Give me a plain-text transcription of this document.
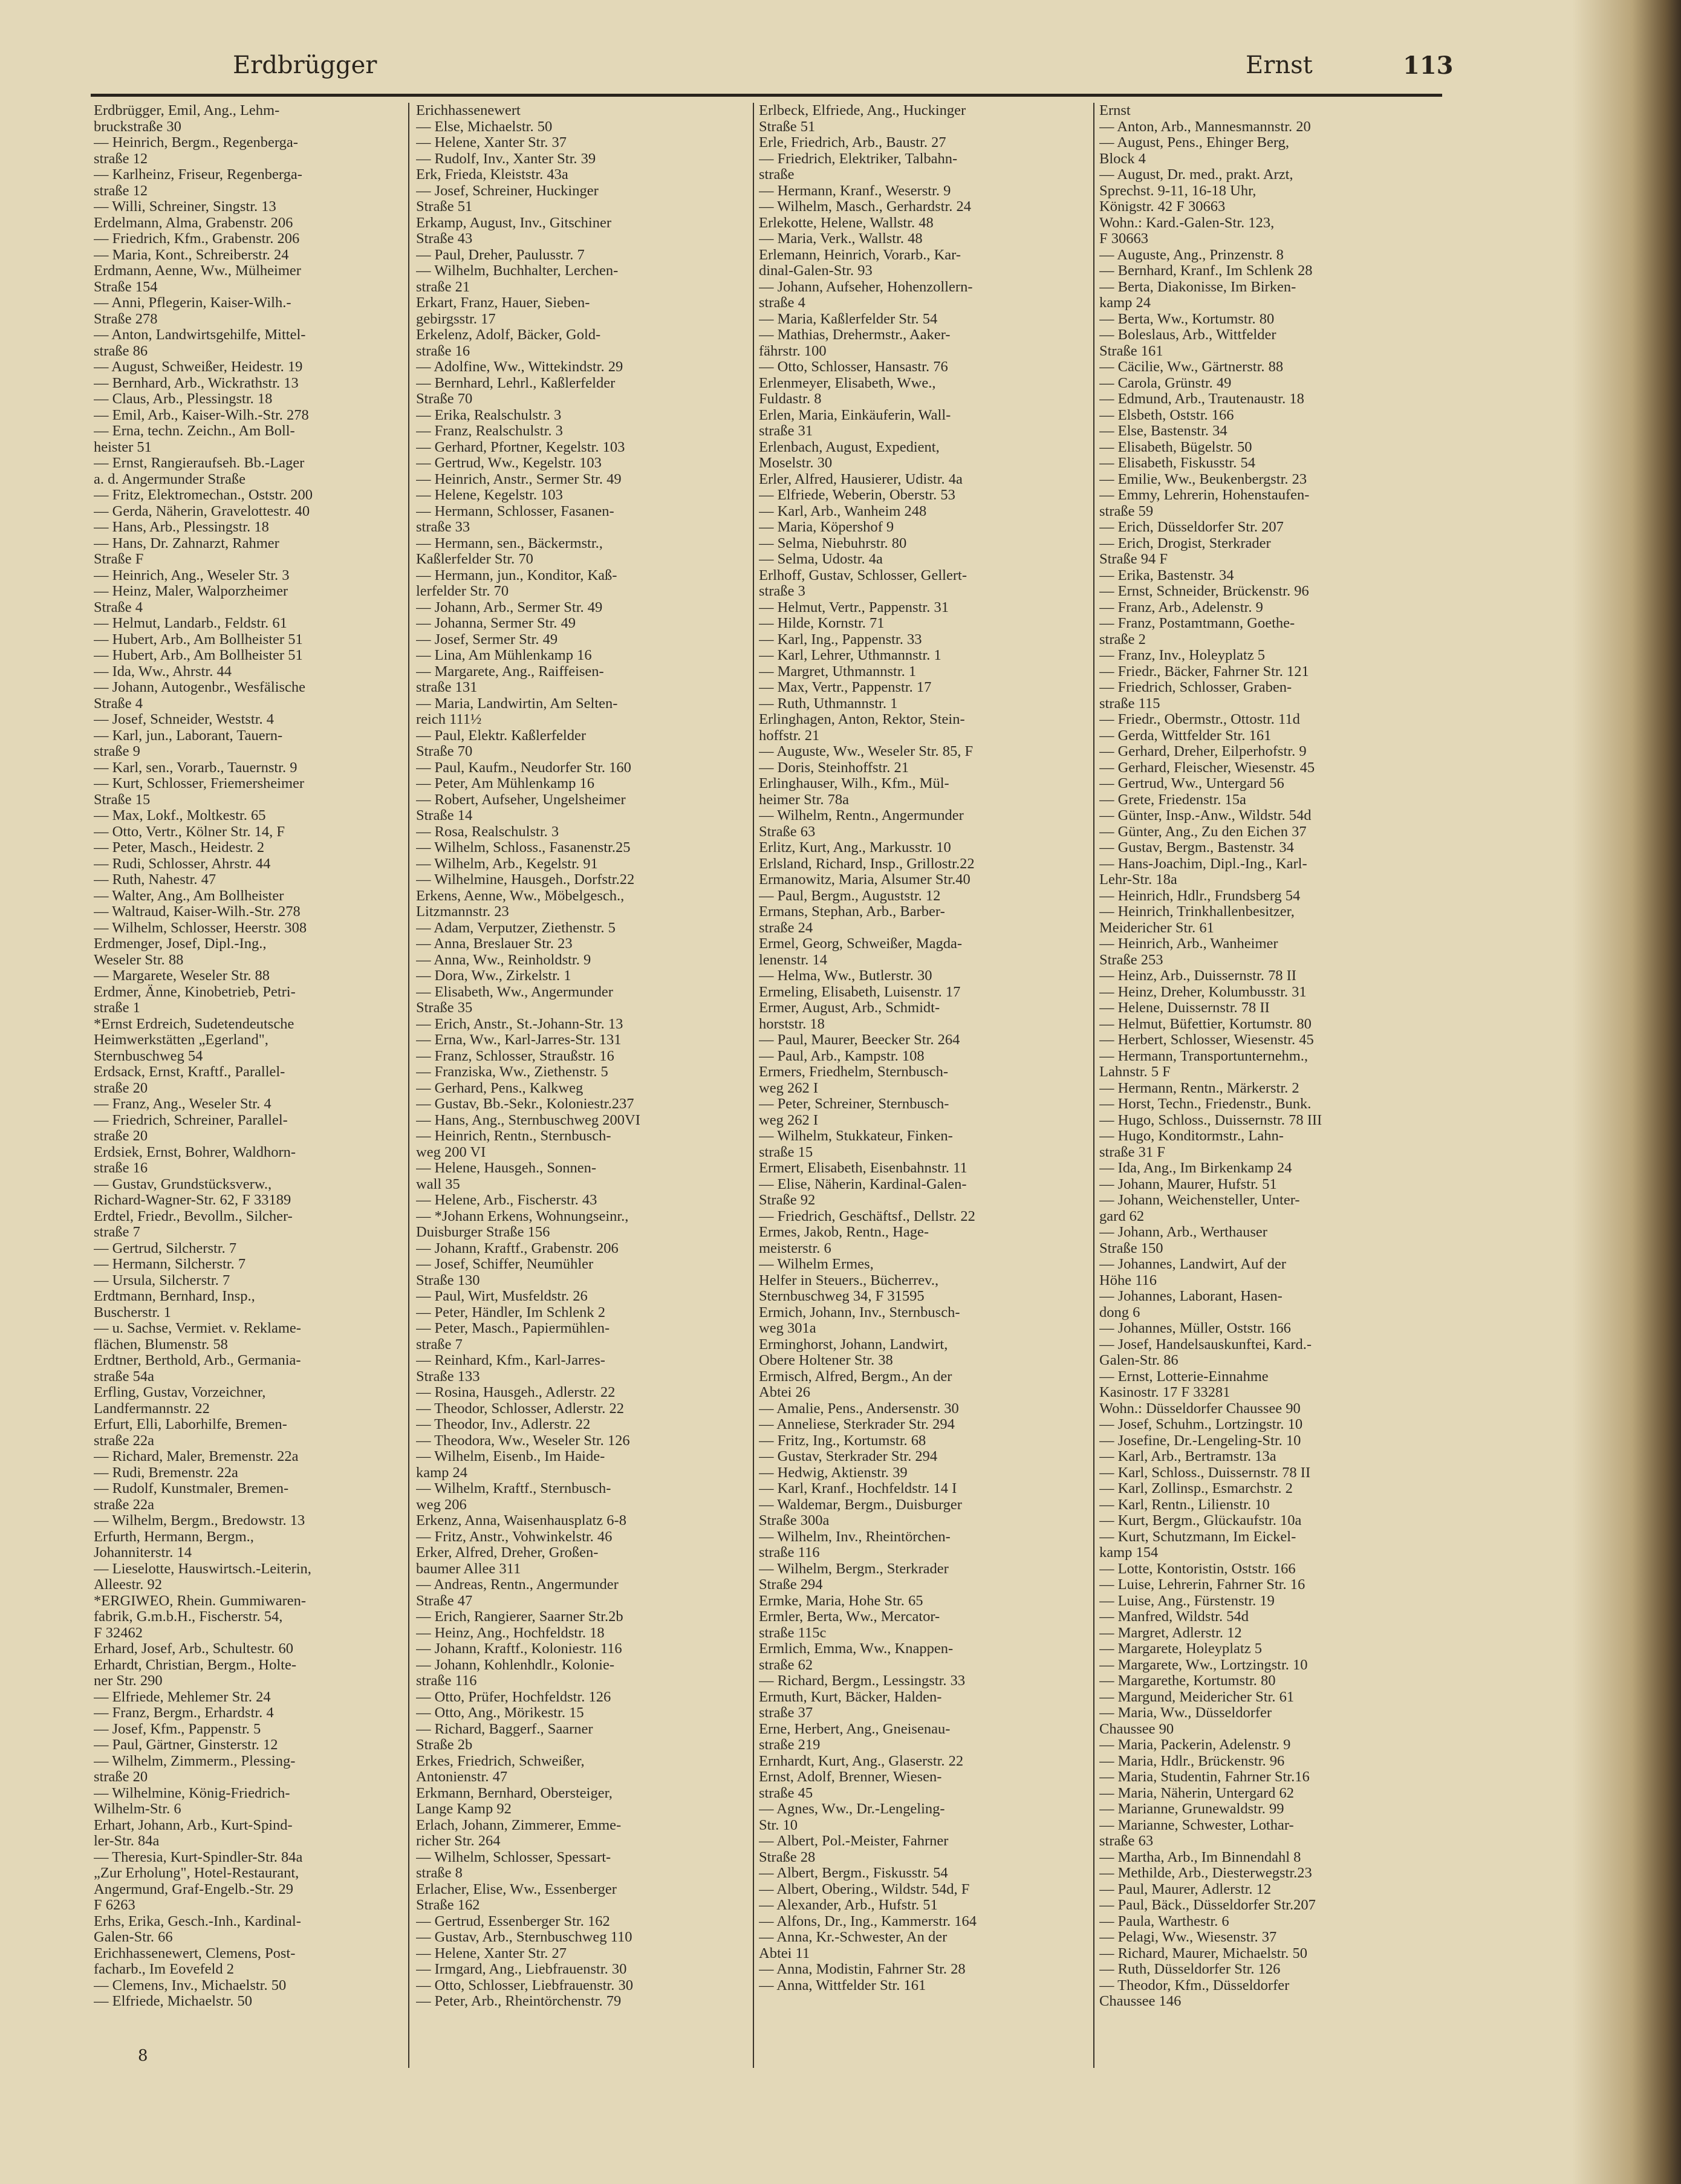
Erdbrügger	Ernst	113
Erdbrügger, Emil, Ang., Lehm-
bruckstraße 30
— Heinrich, Bergm., Regenberga-
straße 12
— Karlheinz, Friseur, Regenberga-
straße 12
— Willi, Schreiner, Singstr. 13
Erdelmann, Alma, Grabenstr. 206
— Friedrich, Kfm., Grabenstr. 206
— Maria, Kont., Schreiberstr. 24
Erdmann, Aenne, Ww., Mülheimer
Straße 154
— Anni, Pflegerin, Kaiser-Wilh.-
Straße 278
— Anton, Landwirtsgehilfe, Mittel-
straße 86
— August, Schweißer, Heidestr. 19
— Bernhard, Arb., Wickrathstr. 13
— Claus, Arb., Plessingstr. 18
— Emil, Arb., Kaiser-Wilh.-Str. 278
— Erna, techn. Zeichn., Am Boll-
heister 51
— Ernst, Rangieraufseh. Bb.-Lager
a. d. Angermunder Straße
— Fritz, Elektromechan., Oststr. 200
— Gerda, Näherin, Gravelottestr. 40
— Hans, Arb., Plessingstr. 18
— Hans, Dr. Zahnarzt, Rahmer
Straße F
— Heinrich, Ang., Weseler Str. 3
— Heinz, Maler, Walporzheimer
Straße 4
— Helmut, Landarb., Feldstr. 61
— Hubert, Arb., Am Bollheister 51
— Hubert, Arb., Am Bollheister 51
— Ida, Ww., Ahrstr. 44
— Johann, Autogenbr., Wesfälische
Straße 4
— Josef, Schneider, Weststr. 4
— Karl, jun., Laborant, Tauern-
straße 9
— Karl, sen., Vorarb., Tauernstr. 9
— Kurt, Schlosser, Friemersheimer
Straße 15
— Max, Lokf., Moltkestr. 65
— Otto, Vertr., Kölner Str. 14, F
— Peter, Masch., Heidestr. 2
— Rudi, Schlosser, Ahrstr. 44
— Ruth, Nahestr. 47
— Walter, Ang., Am Bollheister
— Waltraud, Kaiser-Wilh.-Str. 278
— Wilhelm, Schlosser, Heerstr. 308
Erdmenger, Josef, Dipl.-Ing.,
Weseler Str. 88
— Margarete, Weseler Str. 88
Erdmer, Änne, Kinobetrieb, Petri-
straße 1
*Ernst Erdreich, Sudetendeutsche
Heimwerkstätten „Egerland",
Sternbuschweg 54
Erdsack, Ernst, Kraftf., Parallel-
straße 20
— Franz, Ang., Weseler Str. 4
— Friedrich, Schreiner, Parallel-
straße 20
Erdsiek, Ernst, Bohrer, Waldhorn-
straße 16
— Gustav, Grundstücksverw.,
Richard-Wagner-Str. 62, F 33189
Erdtel, Friedr., Bevollm., Silcher-
straße 7
— Gertrud, Silcherstr. 7
— Hermann, Silcherstr. 7
— Ursula, Silcherstr. 7
Erdtmann, Bernhard, Insp.,
Buscherstr. 1
— u. Sachse, Vermiet. v. Reklame-
flächen, Blumenstr. 58
Erdtner, Berthold, Arb., Germania-
straße 54a
Erfling, Gustav, Vorzeichner,
Landfermannstr. 22
Erfurt, Elli, Laborhilfe, Bremen-
straße 22a
— Richard, Maler, Bremenstr. 22a
— Rudi, Bremenstr. 22a
— Rudolf, Kunstmaler, Bremen-
straße 22a
— Wilhelm, Bergm., Bredowstr. 13
Erfurth, Hermann, Bergm.,
Johanniterstr. 14
— Lieselotte, Hauswirtsch.-Leiterin,
Alleestr. 92
*ERGIWEO, Rhein. Gummiwaren-
fabrik, G.m.b.H., Fischerstr. 54,
F 32462
Erhard, Josef, Arb., Schultestr. 60
Erhardt, Christian, Bergm., Holte-
ner Str. 290
— Elfriede, Mehlemer Str. 24
— Franz, Bergm., Erhardstr. 4
— Josef, Kfm., Pappenstr. 5
— Paul, Gärtner, Ginsterstr. 12
— Wilhelm, Zimmerm., Plessing-
straße 20
— Wilhelmine, König-Friedrich-
Wilhelm-Str. 6
Erhart, Johann, Arb., Kurt-Spind-
ler-Str. 84a
— Theresia, Kurt-Spindler-Str. 84a
„Zur Erholung", Hotel-Restaurant,
Angermund, Graf-Engelb.-Str. 29
F 6263
Erhs, Erika, Gesch.-Inh., Kardinal-
Galen-Str. 66
Erichhassenewert, Clemens, Post-
facharb., Im Eovefeld 2
— Clemens, Inv., Michaelstr. 50
— Elfriede, Michaelstr. 50
Erichhassenewert
— Else, Michaelstr. 50
— Helene, Xanter Str. 37
— Rudolf, Inv., Xanter Str. 39
Erk, Frieda, Kleiststr. 43a
— Josef, Schreiner, Huckinger
Straße 51
Erkamp, August, Inv., Gitschiner
Straße 43
— Paul, Dreher, Paulusstr. 7
— Wilhelm, Buchhalter, Lerchen-
straße 21
Erkart, Franz, Hauer, Sieben-
gebirgsstr. 17
Erkelenz, Adolf, Bäcker, Gold-
straße 16
— Adolfine, Ww., Wittekindstr. 29
— Bernhard, Lehrl., Kaßlerfelder
Straße 70
— Erika, Realschulstr. 3
— Franz, Realschulstr. 3
— Gerhard, Pfortner, Kegelstr. 103
— Gertrud, Ww., Kegelstr. 103
— Heinrich, Anstr., Sermer Str. 49
— Helene, Kegelstr. 103
— Hermann, Schlosser, Fasanen-
straße 33
— Hermann, sen., Bäckermstr.,
Kaßlerfelder Str. 70
— Hermann, jun., Konditor, Kaß-
lerfelder Str. 70
— Johann, Arb., Sermer Str. 49
— Johanna, Sermer Str. 49
— Josef, Sermer Str. 49
— Lina, Am Mühlenkamp 16
— Margarete, Ang., Raiffeisen-
straße 131
— Maria, Landwirtin, Am Selten-
reich 111½
— Paul, Elektr. Kaßlerfelder
Straße 70
— Paul, Kaufm., Neudorfer Str. 160
— Peter, Am Mühlenkamp 16
— Robert, Aufseher, Ungelsheimer
Straße 14
— Rosa, Realschulstr. 3
— Wilhelm, Schloss., Fasanenstr.25
— Wilhelm, Arb., Kegelstr. 91
— Wilhelmine, Hausgeh., Dorfstr.22
Erkens, Aenne, Ww., Möbelgesch.,
Litzmannstr. 23
— Adam, Verputzer, Ziethenstr. 5
— Anna, Breslauer Str. 23
— Anna, Ww., Reinholdstr. 9
— Dora, Ww., Zirkelstr. 1
— Elisabeth, Ww., Angermunder
Straße 35
— Erich, Anstr., St.-Johann-Str. 13
— Erna, Ww., Karl-Jarres-Str. 131
— Franz, Schlosser, Straußstr. 16
— Franziska, Ww., Ziethenstr. 5
— Gerhard, Pens., Kalkweg
— Gustav, Bb.-Sekr., Koloniestr.237
— Hans, Ang., Sternbuschweg 200VI
— Heinrich, Rentn., Sternbusch-
weg 200 VI
— Helene, Hausgeh., Sonnen-
wall 35
— Helene, Arb., Fischerstr. 43
— *Johann Erkens, Wohnungseinr.,
Duisburger Straße 156
— Johann, Kraftf., Grabenstr. 206
— Josef, Schiffer, Neumühler
Straße 130
— Paul, Wirt, Musfeldstr. 26
— Peter, Händler, Im Schlenk 2
— Peter, Masch., Papiermühlen-
straße 7
— Reinhard, Kfm., Karl-Jarres-
Straße 133
— Rosina, Hausgeh., Adlerstr. 22
— Theodor, Schlosser, Adlerstr. 22
— Theodor, Inv., Adlerstr. 22
— Theodora, Ww., Weseler Str. 126
— Wilhelm, Eisenb., Im Haide-
kamp 24
— Wilhelm, Kraftf., Sternbusch-
weg 206
Erkenz, Anna, Waisenhausplatz 6-8
— Fritz, Anstr., Vohwinkelstr. 46
Erker, Alfred, Dreher, Großen-
baumer Allee 311
— Andreas, Rentn., Angermunder
Straße 47
— Erich, Rangierer, Saarner Str.2b
— Heinz, Ang., Hochfeldstr. 18
— Johann, Kraftf., Koloniestr. 116
— Johann, Kohlenhdlr., Kolonie-
straße 116
— Otto, Prüfer, Hochfeldstr. 126
— Otto, Ang., Mörikestr. 15
— Richard, Baggerf., Saarner
Straße 2b
Erkes, Friedrich, Schweißer,
Antonienstr. 47
Erkmann, Bernhard, Obersteiger,
Lange Kamp 92
Erlach, Johann, Zimmerer, Emme-
richer Str. 264
— Wilhelm, Schlosser, Spessart-
straße 8
Erlacher, Elise, Ww., Essenberger
Straße 162
— Gertrud, Essenberger Str. 162
— Gustav, Arb., Sternbuschweg 110
— Helene, Xanter Str. 27
— Irmgard, Ang., Liebfrauenstr. 30
— Otto, Schlosser, Liebfrauenstr. 30
— Peter, Arb., Rheintörchenstr. 79
Erlbeck, Elfriede, Ang., Huckinger
Straße 51
Erle, Friedrich, Arb., Baustr. 27
— Friedrich, Elektriker, Talbahn-
straße
— Hermann, Kranf., Weserstr. 9
— Wilhelm, Masch., Gerhardstr. 24
Erlekotte, Helene, Wallstr. 48
— Maria, Verk., Wallstr. 48
Erlemann, Heinrich, Vorarb., Kar-
dinal-Galen-Str. 93
— Johann, Aufseher, Hohenzollern-
straße 4
— Maria, Kaßlerfelder Str. 54
— Mathias, Drehermstr., Aaker-
fährstr. 100
— Otto, Schlosser, Hansastr. 76
Erlenmeyer, Elisabeth, Wwe.,
Fuldastr. 8
Erlen, Maria, Einkäuferin, Wall-
straße 31
Erlenbach, August, Expedient,
Moselstr. 30
Erler, Alfred, Hausierer, Udistr. 4a
— Elfriede, Weberin, Oberstr. 53
— Karl, Arb., Wanheim 248
— Maria, Köpershof 9
— Selma, Niebuhrstr. 80
— Selma, Udostr. 4a
Erlhoff, Gustav, Schlosser, Gellert-
straße 3
— Helmut, Vertr., Pappenstr. 31
— Hilde, Kornstr. 71
— Karl, Ing., Pappenstr. 33
— Karl, Lehrer, Uthmannstr. 1
— Margret, Uthmannstr. 1
— Max, Vertr., Pappenstr. 17
— Ruth, Uthmannstr. 1
Erlinghagen, Anton, Rektor, Stein-
hoffstr. 21
— Auguste, Ww., Weseler Str. 85, F
— Doris, Steinhoffstr. 21
Erlinghauser, Wilh., Kfm., Mül-
heimer Str. 78a
— Wilhelm, Rentn., Angermunder
Straße 63
Erlitz, Kurt, Ang., Markusstr. 10
Erlsland, Richard, Insp., Grillostr.22
Ermanowitz, Maria, Alsumer Str.40
— Paul, Bergm., Auguststr. 12
Ermans, Stephan, Arb., Barber-
straße 24
Ermel, Georg, Schweißer, Magda-
lenenstr. 14
— Helma, Ww., Butlerstr. 30
Ermeling, Elisabeth, Luisenstr. 17
Ermer, August, Arb., Schmidt-
horststr. 18
— Paul, Maurer, Beecker Str. 264
— Paul, Arb., Kampstr. 108
Ermers, Friedhelm, Sternbusch-
weg 262 I
— Peter, Schreiner, Sternbusch-
weg 262 I
— Wilhelm, Stukkateur, Finken-
straße 15
Ermert, Elisabeth, Eisenbahnstr. 11
— Elise, Näherin, Kardinal-Galen-
Straße 92
— Friedrich, Geschäftsf., Dellstr. 22
Ermes, Jakob, Rentn., Hage-
meisterstr. 6
— Wilhelm Ermes,
Helfer in Steuers., Bücherrev.,
Sternbuschweg 34, F 31595
Ermich, Johann, Inv., Sternbusch-
weg 301a
Erminghorst, Johann, Landwirt,
Obere Holtener Str. 38
Ermisch, Alfred, Bergm., An der
Abtei 26
— Amalie, Pens., Andersenstr. 30
— Anneliese, Sterkrader Str. 294
— Fritz, Ing., Kortumstr. 68
— Gustav, Sterkrader Str. 294
— Hedwig, Aktienstr. 39
— Karl, Kranf., Hochfeldstr. 14 I
— Waldemar, Bergm., Duisburger
Straße 300a
— Wilhelm, Inv., Rheintörchen-
straße 116
— Wilhelm, Bergm., Sterkrader
Straße 294
Ermke, Maria, Hohe Str. 65
Ermler, Berta, Ww., Mercator-
straße 115c
Ermlich, Emma, Ww., Knappen-
straße 62
— Richard, Bergm., Lessingstr. 33
Ermuth, Kurt, Bäcker, Halden-
straße 37
Erne, Herbert, Ang., Gneisenau-
straße 219
Ernhardt, Kurt, Ang., Glaserstr. 22
Ernst, Adolf, Brenner, Wiesen-
straße 45
— Agnes, Ww., Dr.-Lengeling-
Str. 10
— Albert, Pol.-Meister, Fahrner
Straße 28
— Albert, Bergm., Fiskusstr. 54
— Albert, Obering., Wildstr. 54d, F
— Alexander, Arb., Hufstr. 51
— Alfons, Dr., Ing., Kammerstr. 164
— Anna, Kr.-Schwester, An der
Abtei 11
— Anna, Modistin, Fahrner Str. 28
— Anna, Wittfelder Str. 161
Ernst
— Anton, Arb., Mannesmannstr. 20
— August, Pens., Ehinger Berg,
Block 4
— August, Dr. med., prakt. Arzt,
Sprechst. 9-11, 16-18 Uhr,
Königstr. 42 F 30663
Wohn.: Kard.-Galen-Str. 123,
F 30663
— Auguste, Ang., Prinzenstr. 8
— Bernhard, Kranf., Im Schlenk 28
— Berta, Diakonisse, Im Birken-
kamp 24
— Berta, Ww., Kortumstr. 80
— Boleslaus, Arb., Wittfelder
Straße 161
— Cäcilie, Ww., Gärtnerstr. 88
— Carola, Grünstr. 49
— Edmund, Arb., Trautenaustr. 18
— Elsbeth, Oststr. 166
— Else, Bastenstr. 34
— Elisabeth, Bügelstr. 50
— Elisabeth, Fiskusstr. 54
— Emilie, Ww., Beukenbergstr. 23
— Emmy, Lehrerin, Hohenstaufen-
straße 59
— Erich, Düsseldorfer Str. 207
— Erich, Drogist, Sterkrader
Straße 94 F
— Erika, Bastenstr. 34
— Ernst, Schneider, Brückenstr. 96
— Franz, Arb., Adelenstr. 9
— Franz, Postamtmann, Goethe-
straße 2
— Franz, Inv., Holeyplatz 5
— Friedr., Bäcker, Fahrner Str. 121
— Friedrich, Schlosser, Graben-
straße 115
— Friedr., Obermstr., Ottostr. 11d
— Gerda, Wittfelder Str. 161
— Gerhard, Dreher, Eilperhofstr. 9
— Gerhard, Fleischer, Wiesenstr. 45
— Gertrud, Ww., Untergard 56
— Grete, Friedenstr. 15a
— Günter, Insp.-Anw., Wildstr. 54d
— Günter, Ang., Zu den Eichen 37
— Gustav, Bergm., Bastenstr. 34
— Hans-Joachim, Dipl.-Ing., Karl-
Lehr-Str. 18a
— Heinrich, Hdlr., Frundsberg 54
— Heinrich, Trinkhallenbesitzer,
Meidericher Str. 61
— Heinrich, Arb., Wanheimer
Straße 253
— Heinz, Arb., Duissernstr. 78 II
— Heinz, Dreher, Kolumbusstr. 31
— Helene, Duissernstr. 78 II
— Helmut, Büfettier, Kortumstr. 80
— Herbert, Schlosser, Wiesenstr. 45
— Hermann, Transportunternehm.,
Lahnstr. 5 F
— Hermann, Rentn., Märkerstr. 2
— Horst, Techn., Friedenstr., Bunk.
— Hugo, Schloss., Duissernstr. 78 III
— Hugo, Konditormstr., Lahn-
straße 31 F
— Ida, Ang., Im Birkenkamp 24
— Johann, Maurer, Hufstr. 51
— Johann, Weichensteller, Unter-
gard 62
— Johann, Arb., Werthauser
Straße 150
— Johannes, Landwirt, Auf der
Höhe 116
— Johannes, Laborant, Hasen-
dong 6
— Johannes, Müller, Oststr. 166
— Josef, Handelsauskunftei, Kard.-
Galen-Str. 86
— Ernst, Lotterie-Einnahme
Kasinostr. 17 F 33281
Wohn.: Düsseldorfer Chaussee 90
— Josef, Schuhm., Lortzingstr. 10
— Josefine, Dr.-Lengeling-Str. 10
— Karl, Arb., Bertramstr. 13a
— Karl, Schloss., Duissernstr. 78 II
— Karl, Zollinsp., Esmarchstr. 2
— Karl, Rentn., Lilienstr. 10
— Kurt, Bergm., Glückaufstr. 10a
— Kurt, Schutzmann, Im Eickel-
kamp 154
— Lotte, Kontoristin, Oststr. 166
— Luise, Lehrerin, Fahrner Str. 16
— Luise, Ang., Fürstenstr. 19
— Manfred, Wildstr. 54d
— Margret, Adlerstr. 12
— Margarete, Holeyplatz 5
— Margarete, Ww., Lortzingstr. 10
— Margarethe, Kortumstr. 80
— Margund, Meidericher Str. 61
— Maria, Ww., Düsseldorfer
Chaussee 90
— Maria, Packerin, Adelenstr. 9
— Maria, Hdlr., Brückenstr. 96
— Maria, Studentin, Fahrner Str.16
— Maria, Näherin, Untergard 62
— Marianne, Grunewaldstr. 99
— Marianne, Schwester, Lothar-
straße 63
— Martha, Arb., Im Binnendahl 8
— Methilde, Arb., Diesterwegstr.23
— Paul, Maurer, Adlerstr. 12
— Paul, Bäck., Düsseldorfer Str.207
— Paula, Warthestr. 6
— Pelagi, Ww., Wiesenstr. 37
— Richard, Maurer, Michaelstr. 50
— Ruth, Düsseldorfer Str. 126
— Theodor, Kfm., Düsseldorfer
Chaussee 146
8
